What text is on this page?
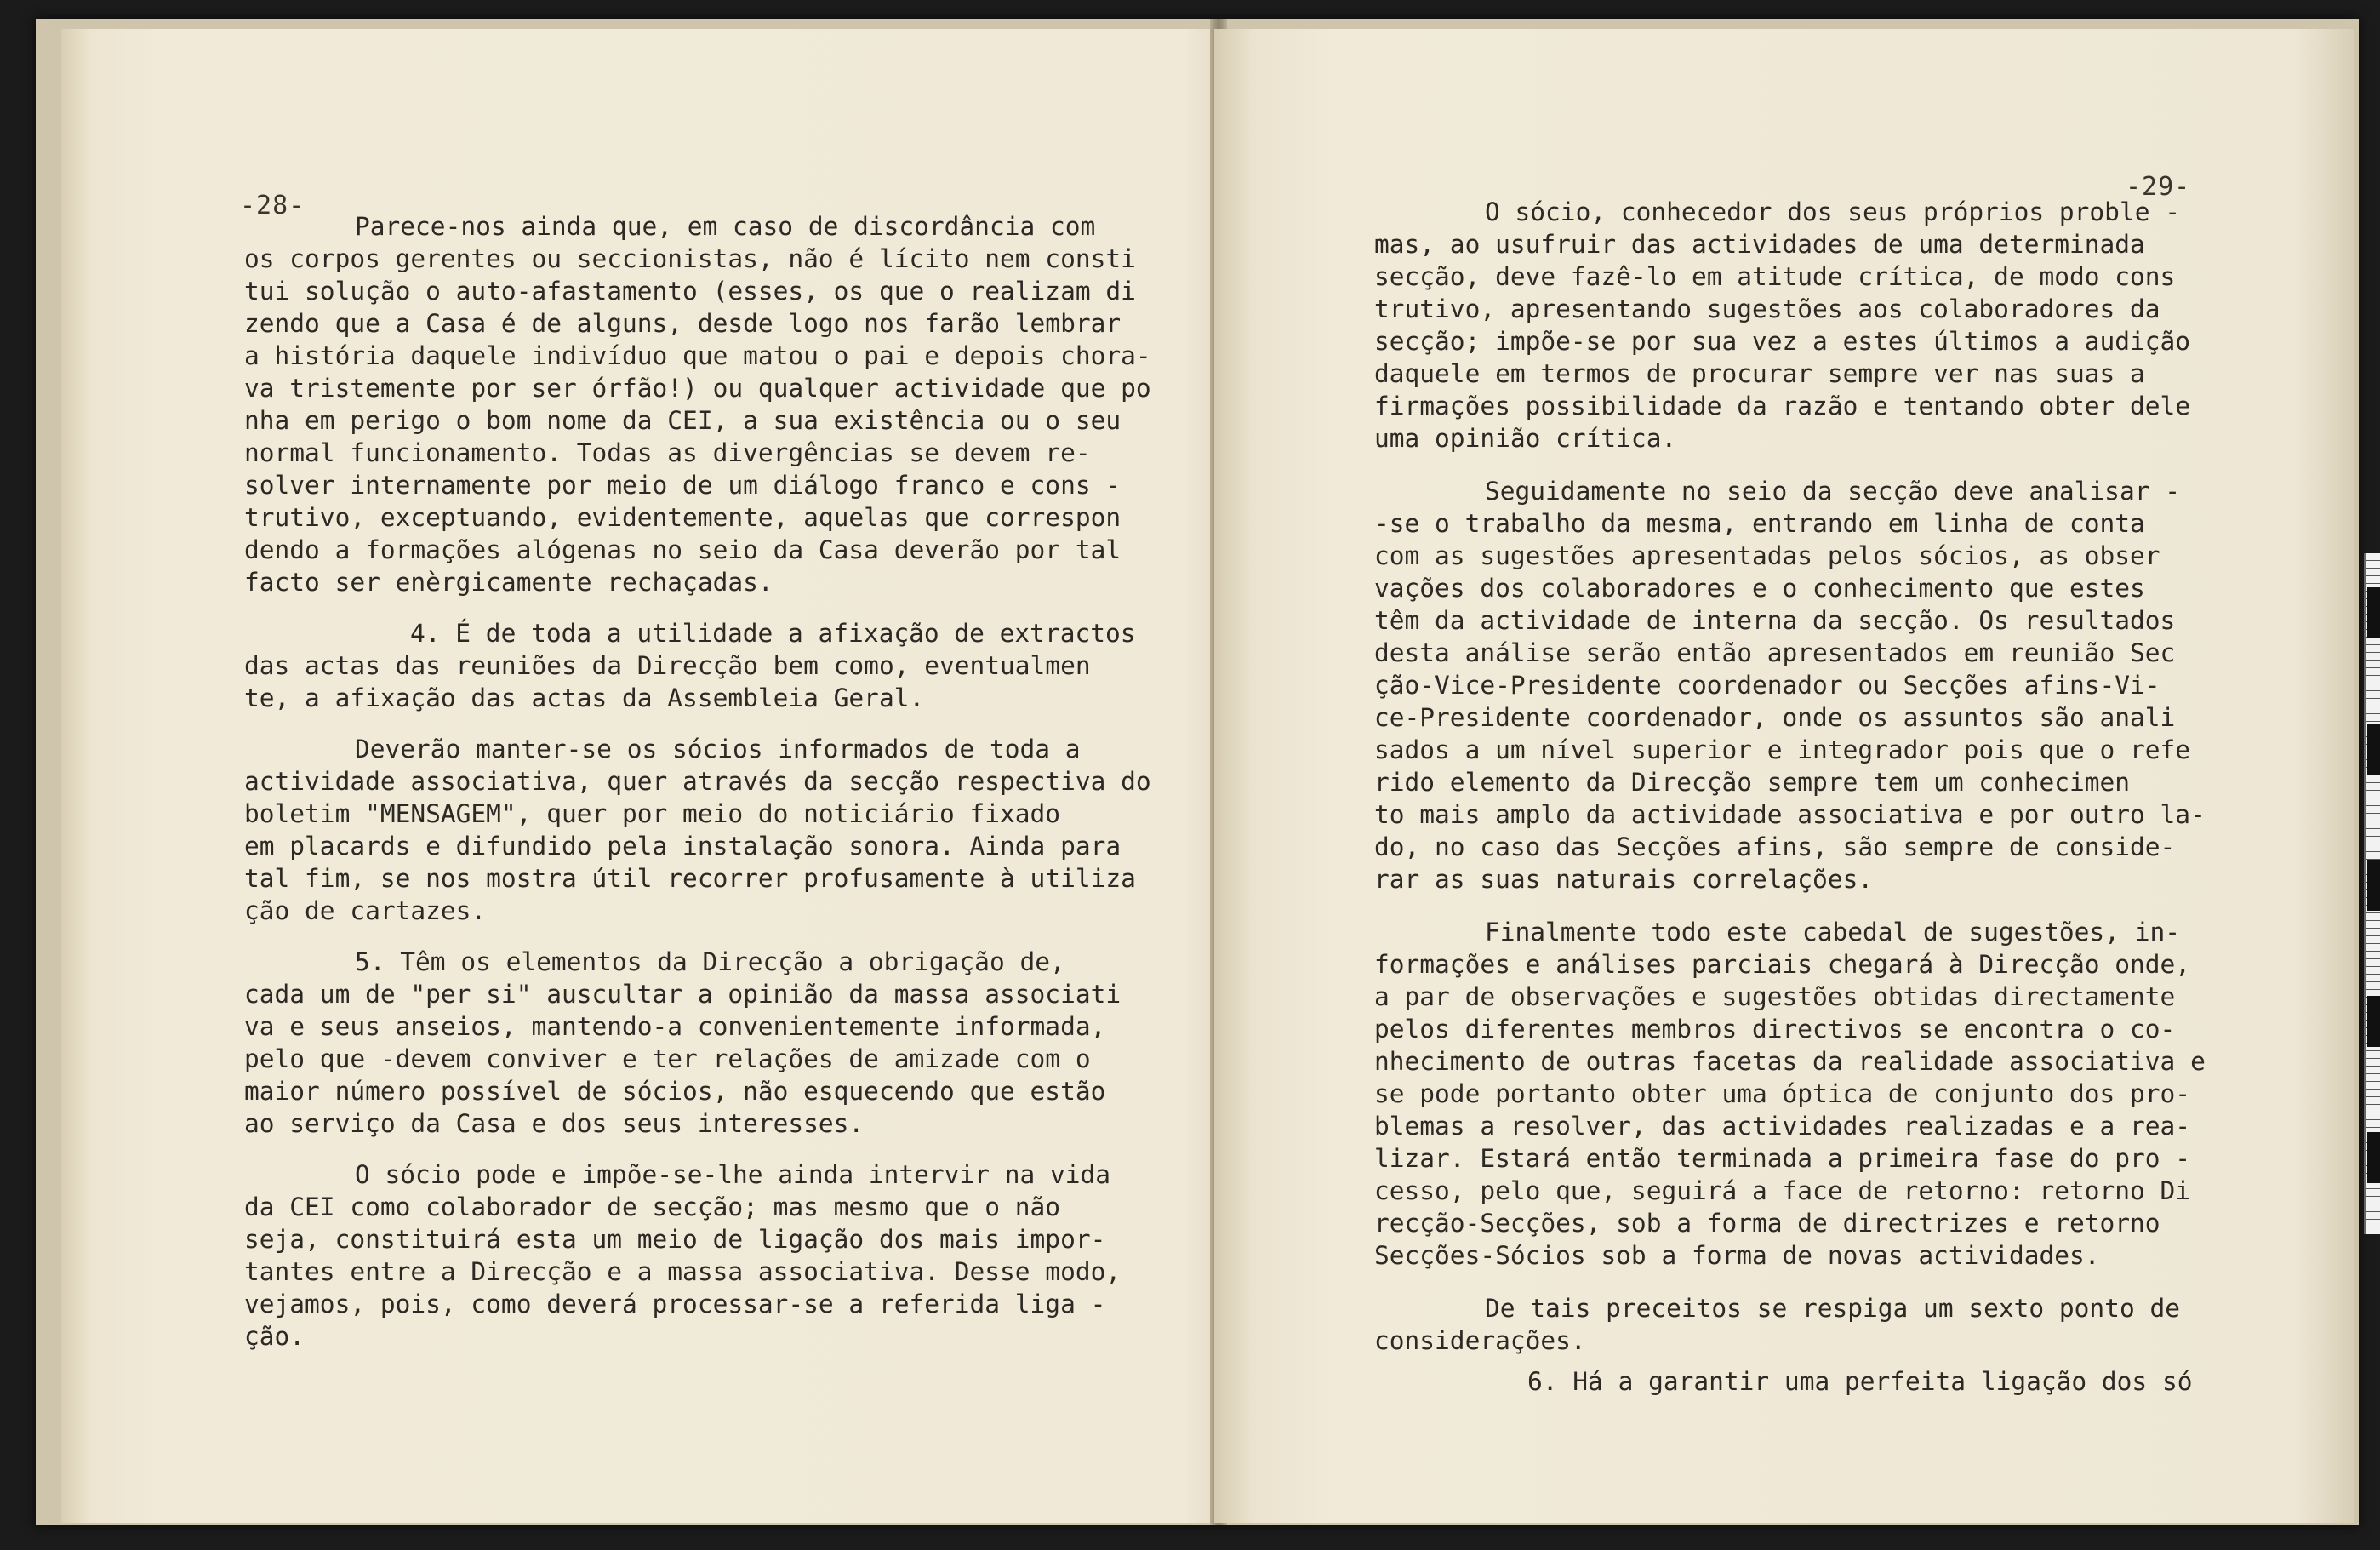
-28-
Parece-nos ainda que, em caso de discordância com
os corpos gerentes ou seccionistas, não é lícito nem consti
tui solução o auto-afastamento (esses, os que o realizam di
zendo que a Casa é de alguns, desde logo nos farão lembrar
a história daquele indivíduo que matou o pai e depois chora-
va tristemente por ser órfão!) ou qualquer actividade que po
nha em perigo o bom nome da CEI, a sua existência ou o seu
normal funcionamento. Todas as divergências se devem re-
solver internamente por meio de um diálogo franco e cons -
trutivo, exceptuando, evidentemente, aquelas que correspon
dendo a formações alógenas no seio da Casa deverão por tal
facto ser enèrgicamente rechaçadas.
4. É de toda a utilidade a afixação de extractos
das actas das reuniões da Direcção bem como, eventualmen
te, a afixação das actas da Assembleia Geral.
Deverão manter-se os sócios informados de toda a
actividade associativa, quer através da secção respectiva do
boletim "MENSAGEM", quer por meio do noticiário fixado
em placards e difundido pela instalação sonora. Ainda para
tal fim, se nos mostra útil recorrer profusamente à utiliza
ção de cartazes.
5. Têm os elementos da Direcção a obrigação de,
cada um de "per si" auscultar a opinião da massa associati
va e seus anseios, mantendo-a convenientemente informada,
pelo que -devem conviver e ter relações de amizade com o
maior número possível de sócios, não esquecendo que estão
ao serviço da Casa e dos seus interesses.
O sócio pode e impõe-se-lhe ainda intervir na vida
da CEI como colaborador de secção; mas mesmo que o não
seja, constituirá esta um meio de ligação dos mais impor-
tantes entre a Direcção e a massa associativa. Desse modo,
vejamos, pois, como deverá processar-se a referida liga -
ção.
-29-
O sócio, conhecedor dos seus próprios proble -
mas, ao usufruir das actividades de uma determinada
secção, deve fazê-lo em atitude crítica, de modo cons
trutivo, apresentando sugestões aos colaboradores da
secção; impõe-se por sua vez a estes últimos a audição
daquele em termos de procurar sempre ver nas suas a
firmações possibilidade da razão e tentando obter dele
uma opinião crítica.
Seguidamente no seio da secção deve analisar -
-se o trabalho da mesma, entrando em linha de conta
com as sugestões apresentadas pelos sócios, as obser
vações dos colaboradores e o conhecimento que estes
têm da actividade de interna da secção. Os resultados
desta análise serão então apresentados em reunião Sec
ção-Vice-Presidente coordenador ou Secções afins-Vi-
ce-Presidente coordenador, onde os assuntos são anali
sados a um nível superior e integrador pois que o refe
rido elemento da Direcção sempre tem um conhecimen
to mais amplo da actividade associativa e por outro la-
do, no caso das Secções afins, são sempre de conside-
rar as suas naturais correlações.
Finalmente todo este cabedal de sugestões, in-
formações e análises parciais chegará à Direcção onde,
a par de observações e sugestões obtidas directamente
pelos diferentes membros directivos se encontra o co-
nhecimento de outras facetas da realidade associativa e
se pode portanto obter uma óptica de conjunto dos pro-
blemas a resolver, das actividades realizadas e a rea-
lizar. Estará então terminada a primeira fase do pro -
cesso, pelo que, seguirá a face de retorno: retorno Di
recção-Secções, sob a forma de directrizes e retorno
Secções-Sócios sob a forma de novas actividades.
De tais preceitos se respiga um sexto ponto de
considerações.
6. Há a garantir uma perfeita ligação dos só
